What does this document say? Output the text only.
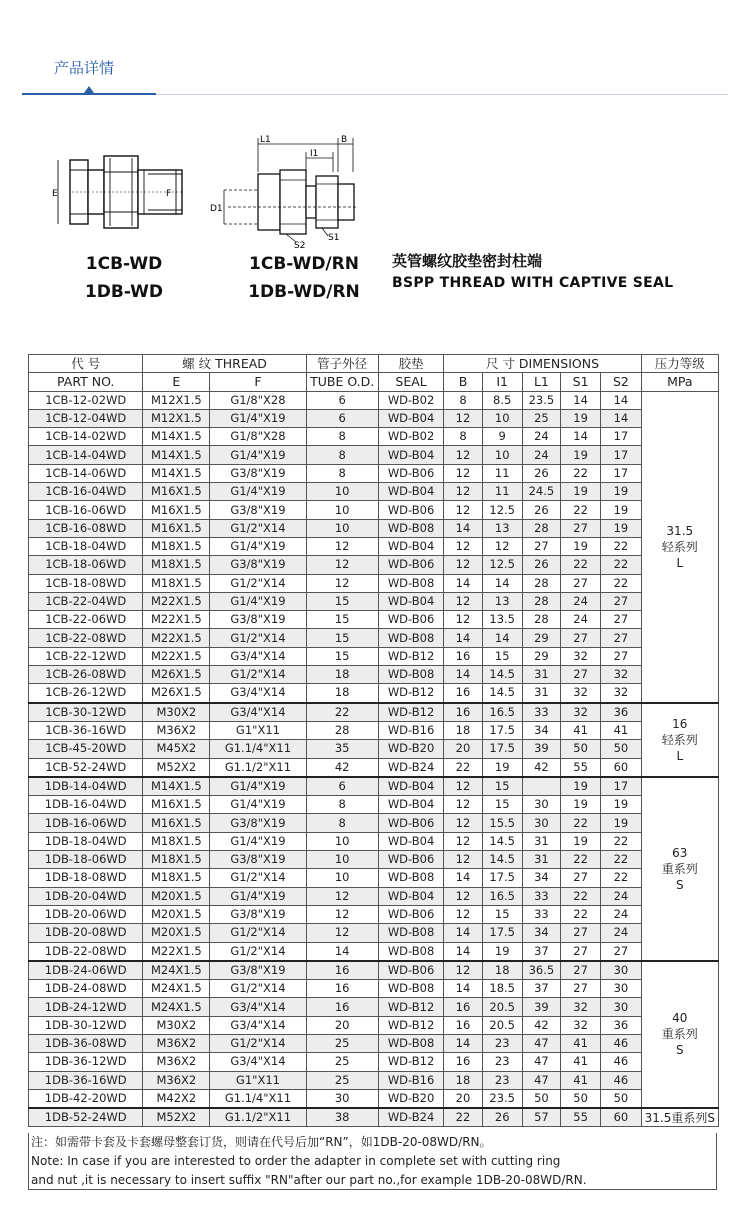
产品详情
E	F
1CB-WD
1DB-WD
L1	B
I1
D1
S1
S2
1CB-WD/RN
1DB-WD/RN
英管螺纹胶垫密封柱端
BSPP THREAD WITH CAPTIVE SEAL
代 号	螺 纹 THREAD		管子外径	胶垫	尺 寸 DIMENSIONS					压力等级
PART NO.	E	F	TUBE O.D.	SEAL	B	I1	L1	S1	S2	MPa
1CB-12-02WD	M12X1.5	G1/8"X28	6	WD-B02	8	8.5	23.5	14	14	31.5
轻系列
L

1CB-12-04WD	M12X1.5	G1/4"X19	6	WD-B04	12	10	25	19	14	
1CB-14-02WD	M14X1.5	G1/8"X28	8	WD-B02	8	9	24	14	17	
1CB-14-04WD	M14X1.5	G1/4"X19	8	WD-B04	12	10	24	19	17	
1CB-14-06WD	M14X1.5	G3/8"X19	8	WD-B06	12	11	26	22	17	
1CB-16-04WD	M16X1.5	G1/4"X19	10	WD-B04	12	11	24.5	19	19	
1CB-16-06WD	M16X1.5	G3/8"X19	10	WD-B06	12	12.5	26	22	19	
1CB-16-08WD	M16X1.5	G1/2"X14	10	WD-B08	14	13	28	27	19	
1CB-18-04WD	M18X1.5	G1/4"X19	12	WD-B04	12	12	27	19	22	
1CB-18-06WD	M18X1.5	G3/8"X19	12	WD-B06	12	12.5	26	22	22	
1CB-18-08WD	M18X1.5	G1/2"X14	12	WD-B08	14	14	28	27	22	
1CB-22-04WD	M22X1.5	G1/4"X19	15	WD-B04	12	13	28	24	27	
1CB-22-06WD	M22X1.5	G3/8"X19	15	WD-B06	12	13.5	28	24	27	
1CB-22-08WD	M22X1.5	G1/2"X14	15	WD-B08	14	14	29	27	27	
1CB-22-12WD	M22X1.5	G3/4"X14	15	WD-B12	16	15	29	32	27	
1CB-26-08WD	M26X1.5	G1/2"X14	18	WD-B08	14	14.5	31	27	32	
1CB-26-12WD	M26X1.5	G3/4"X14	18	WD-B12	16	14.5	31	32	32	
1CB-30-12WD	M30X2	G3/4"X14	22	WD-B12	16	16.5	33	32	36	16
轻系列
L

1CB-36-16WD	M36X2	G1"X11	28	WD-B16	18	17.5	34	41	41	
1CB-45-20WD	M45X2	G1.1/4"X11	35	WD-B20	20	17.5	39	50	50	
1CB-52-24WD	M52X2	G1.1/2"X11	42	WD-B24	22	19	42	55	60	
1DB-14-04WD	M14X1.5	G1/4"X19	6	WD-B04	12	15		19	17	63
重系列
S

1DB-16-04WD	M16X1.5	G1/4"X19	8	WD-B04	12	15	30	19	19	
1DB-16-06WD	M16X1.5	G3/8"X19	8	WD-B06	12	15.5	30	22	19	
1DB-18-04WD	M18X1.5	G1/4"X19	10	WD-B04	12	14.5	31	19	22	
1DB-18-06WD	M18X1.5	G3/8"X19	10	WD-B06	12	14.5	31	22	22	
1DB-18-08WD	M18X1.5	G1/2"X14	10	WD-B08	14	17.5	34	27	22	
1DB-20-04WD	M20X1.5	G1/4"X19	12	WD-B04	12	16.5	33	22	24	
1DB-20-06WD	M20X1.5	G3/8"X19	12	WD-B06	12	15	33	22	24	
1DB-20-08WD	M20X1.5	G1/2"X14	12	WD-B08	14	17.5	34	27	24	
1DB-22-08WD	M22X1.5	G1/2"X14	14	WD-B08	14	19	37	27	27	
1DB-24-06WD	M24X1.5	G3/8"X19	16	WD-B06	12	18	36.5	27	30	40
重系列
S

1DB-24-08WD	M24X1.5	G1/2"X14	16	WD-B08	14	18.5	37	27	30	
1DB-24-12WD	M24X1.5	G3/4"X14	16	WD-B12	16	20.5	39	32	30	
1DB-30-12WD	M30X2	G3/4"X14	20	WD-B12	16	20.5	42	32	36	
1DB-36-08WD	M36X2	G1/2"X14	25	WD-B08	14	23	47	41	46	
1DB-36-12WD	M36X2	G3/4"X14	25	WD-B12	16	23	47	41	46	
1DB-36-16WD	M36X2	G1"X11	25	WD-B16	18	23	47	41	46	
1DB-42-20WD	M42X2	G1.1/4"X11	30	WD-B20	20	23.5	50	50	50	
1DB-52-24WD	M52X2	G1.1/2"X11	38	WD-B24	22	26	57	55	60	31.5重系列S
注：如需带卡套及卡套螺母整套订货，则请在代号后加“RN”，如1DB-20-08WD/RN。
Note: In case if you are interested to order the adapter in complete set with cutting ring
and nut ,it is necessary to insert suffix "RN"after our part no.,for example 1DB-20-08WD/RN.
